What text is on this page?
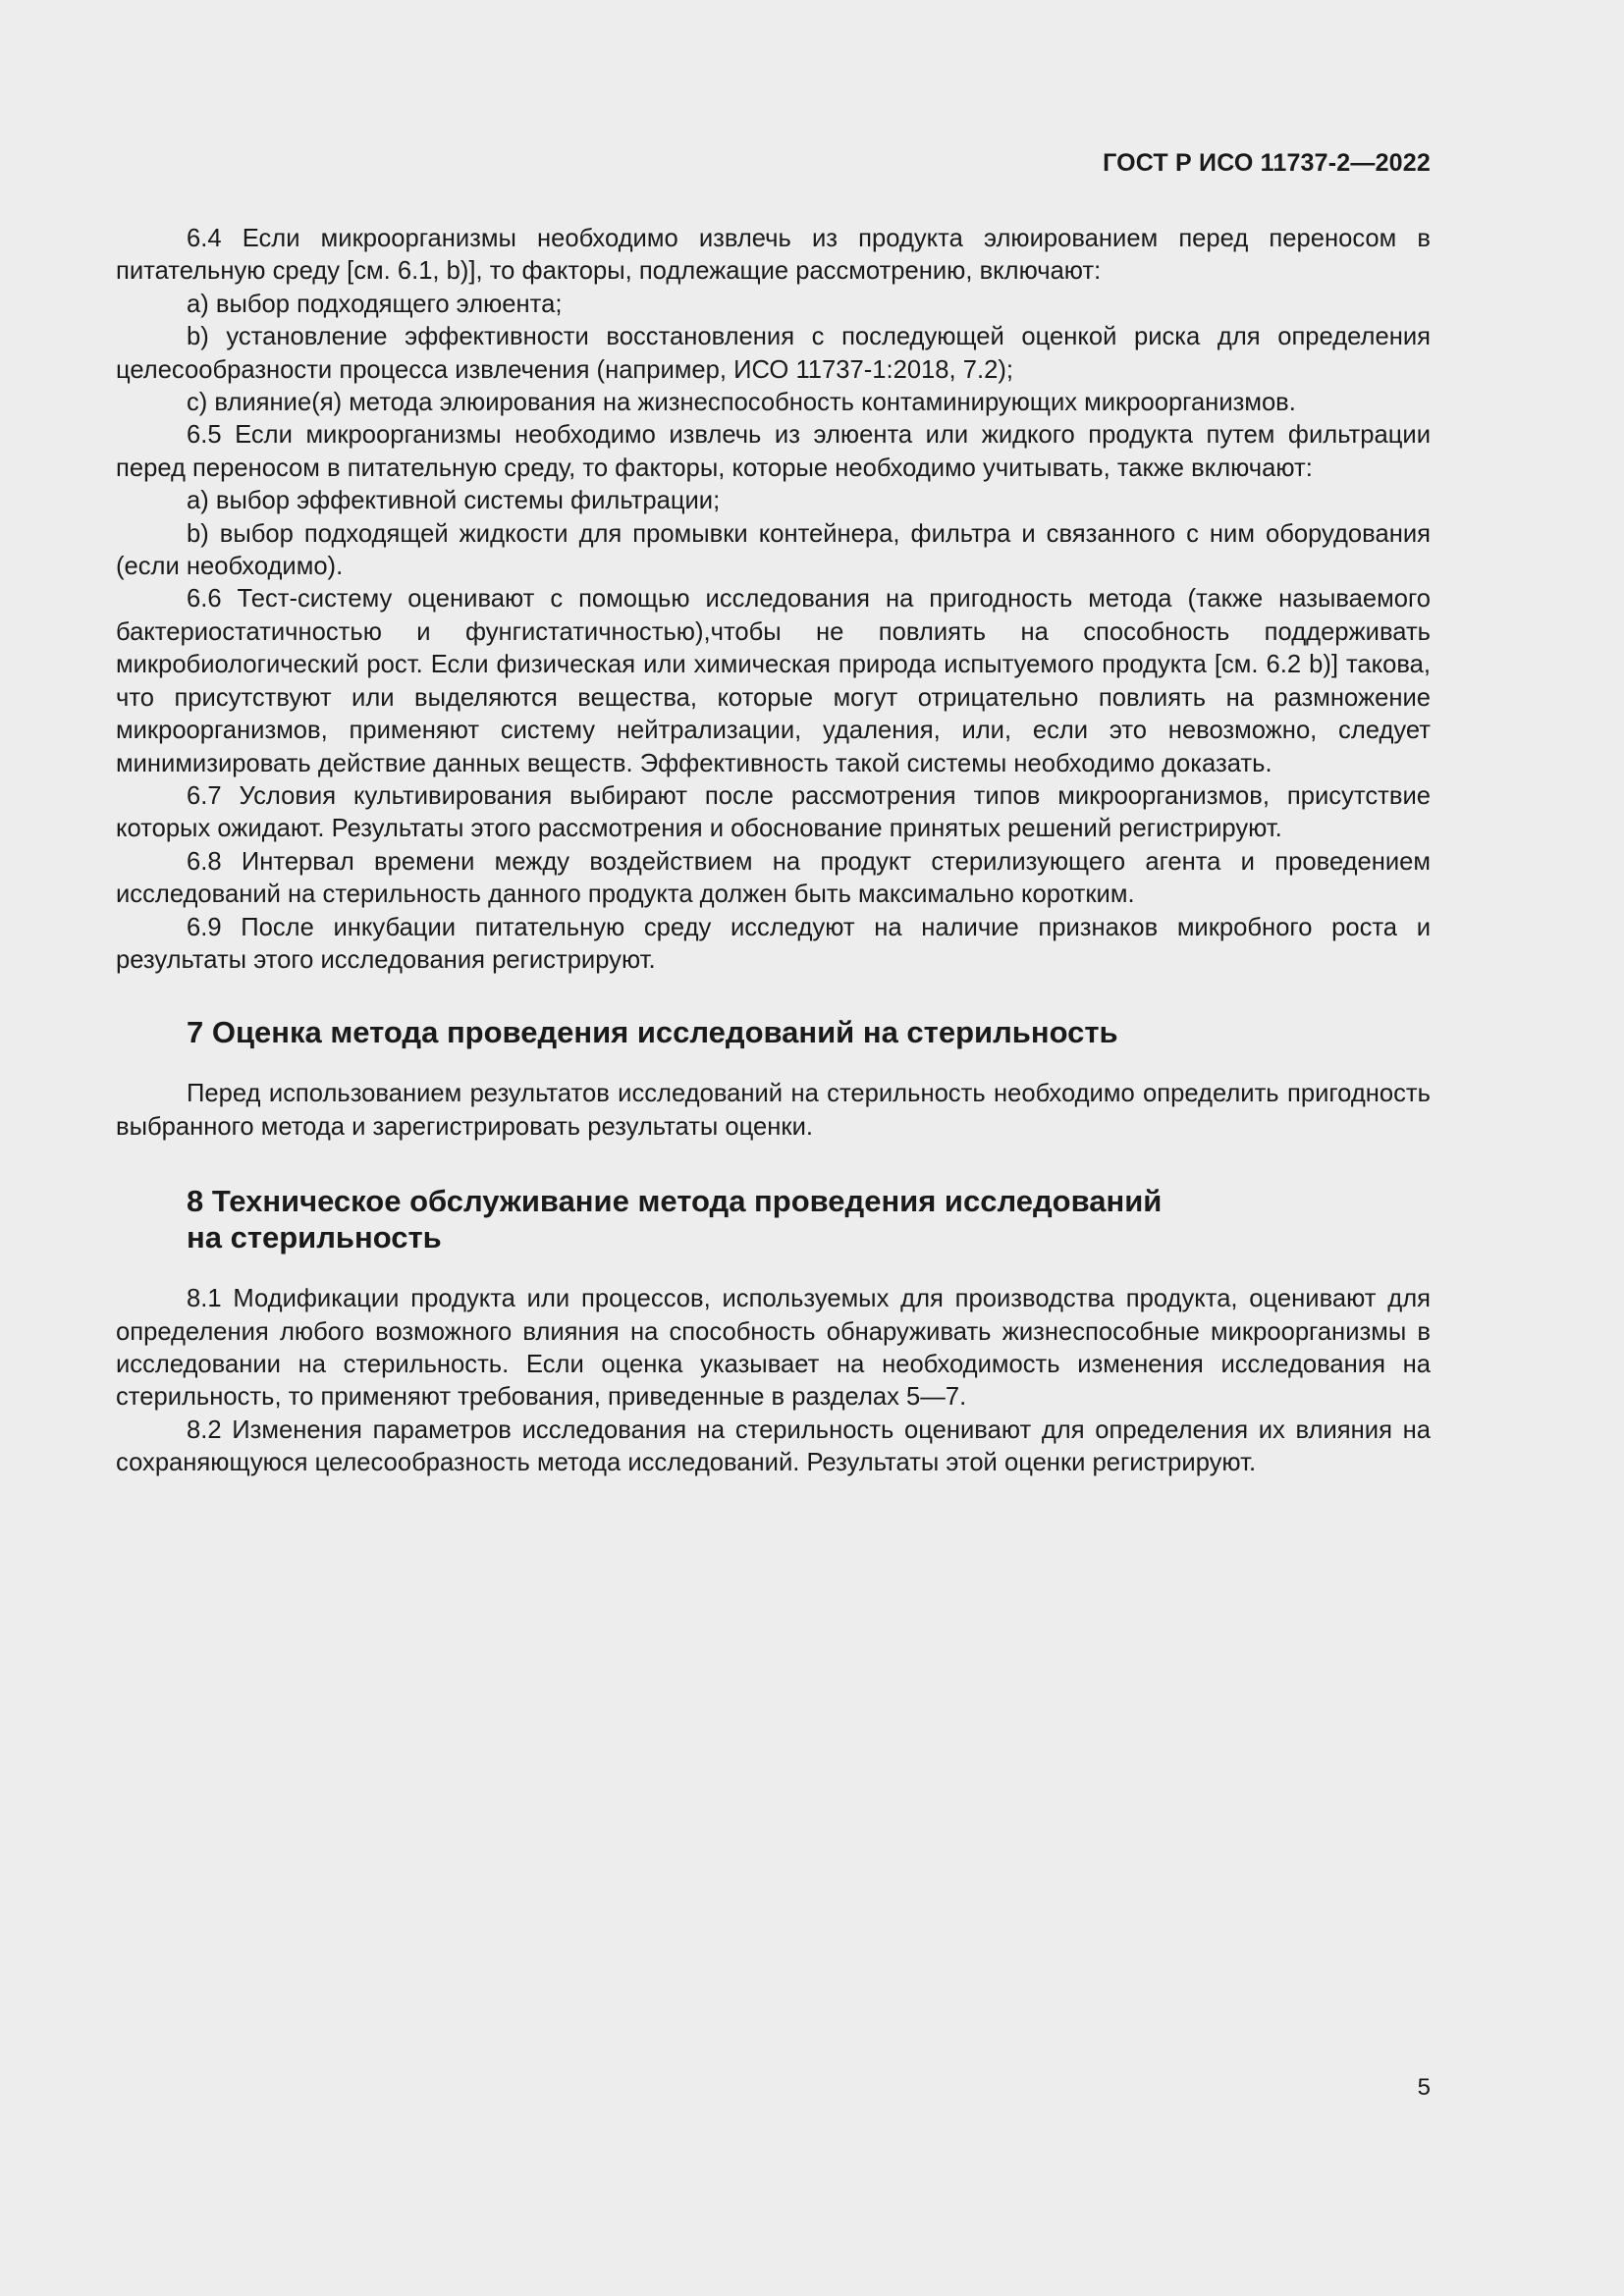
ГОСТ Р ИСО 11737-2—2022

6.4 Если микроорганизмы необходимо извлечь из продукта элюированием перед переносом в питательную среду [см. 6.1, b)], то факторы, подлежащие рассмотрению, включают:

a) выбор подходящего элюента;

b) установление эффективности восстановления с последующей оценкой риска для определения целесообразности процесса извлечения (например, ИСО 11737-1:2018, 7.2);

c) влияние(я) метода элюирования на жизнеспособность контаминирующих микроорганизмов.

6.5 Если микроорганизмы необходимо извлечь из элюента или жидкого продукта путем фильтрации перед переносом в питательную среду, то факторы, которые необходимо учитывать, также включают:

a) выбор эффективной системы фильтрации;

b) выбор подходящей жидкости для промывки контейнера, фильтра и связанного с ним оборудования (если необходимо).

6.6 Тест-систему оценивают с помощью исследования на пригодность метода (также называемого бактериостатичностью и фунгистатичностью),чтобы не повлиять на способность поддерживать микробиологический рост. Если физическая или химическая природа испытуемого продукта [см. 6.2 b)] такова, что присутствуют или выделяются вещества, которые могут отрицательно повлиять на размножение микроорганизмов, применяют систему нейтрализации, удаления, или, если это невозможно, следует минимизировать действие данных веществ. Эффективность такой системы необходимо доказать.

6.7 Условия культивирования выбирают после рассмотрения типов микроорганизмов, присутствие которых ожидают. Результаты этого рассмотрения и обоснование принятых решений регистрируют.

6.8 Интервал времени между воздействием на продукт стерилизующего агента и проведением исследований на стерильность данного продукта должен быть максимально коротким.

6.9 После инкубации питательную среду исследуют на наличие признаков микробного роста и результаты этого исследования регистрируют.

7 Оценка метода проведения исследований на стерильность

Перед использованием результатов исследований на стерильность необходимо определить пригодность выбранного метода и зарегистрировать результаты оценки.

8 Техническое обслуживание метода проведения исследований
на стерильность

8.1 Модификации продукта или процессов, используемых для производства продукта, оценивают для определения любого возможного влияния на способность обнаруживать жизнеспособные микроорганизмы в исследовании на стерильность. Если оценка указывает на необходимость изменения исследования на стерильность, то применяют требования, приведенные в разделах 5—7.

8.2 Изменения параметров исследования на стерильность оценивают для определения их влияния на сохраняющуюся целесообразность метода исследований. Результаты этой оценки регистрируют.

5
